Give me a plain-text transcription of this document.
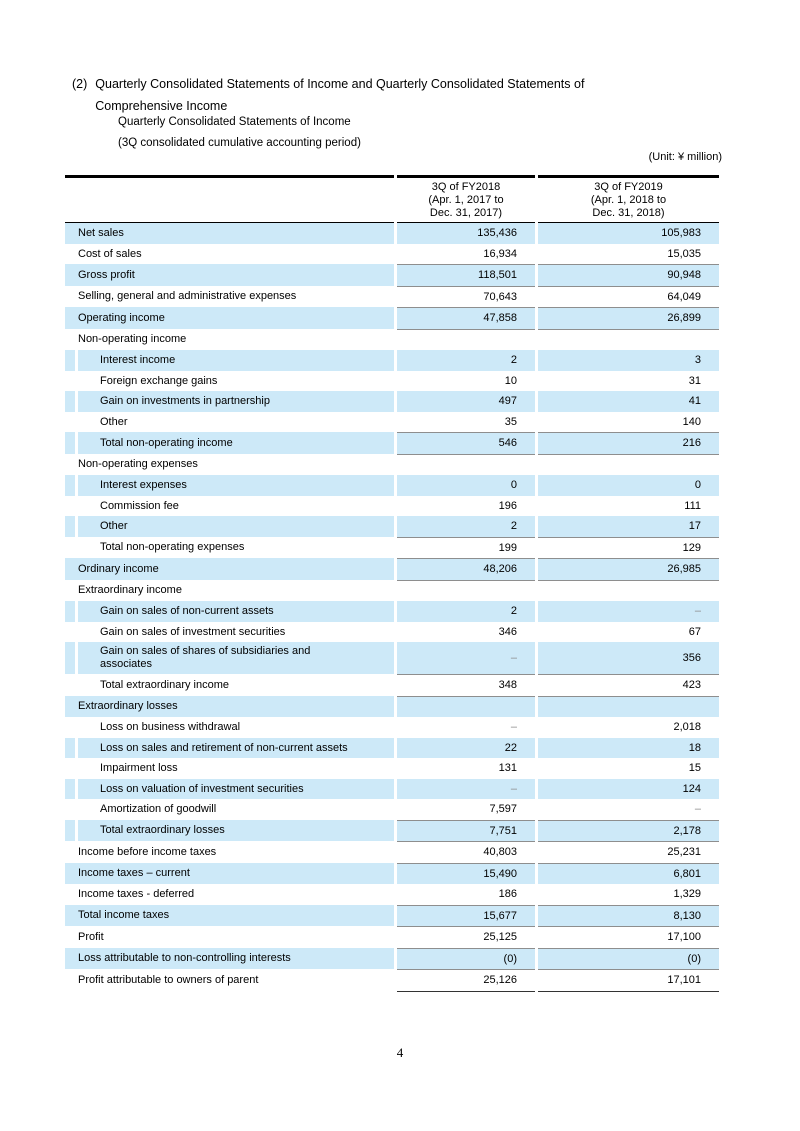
(2) Quarterly Consolidated Statements of Income and Quarterly Consolidated Statements of
Comprehensive Income
Quarterly Consolidated Statements of Income
(3Q consolidated cumulative accounting period)
(Unit: ¥ million)

		3Q of FY2018
(Apr. 1, 2017 to
Dec. 31, 2017)	3Q of FY2019
(Apr. 1, 2018 to
Dec. 31, 2018)

Net sales		135,436	105,983
Cost of sales		16,934	15,035
Gross profit		118,501	90,948
Selling, general and administrative expenses		70,643	64,049
Operating income		47,858	26,899
Non-operating income			
	Interest income	2	3
	Foreign exchange gains	10	31
	Gain on investments in partnership	497	41
	Other	35	140
	Total non-operating income	546	216
Non-operating expenses			
	Interest expenses	0	0
	Commission fee	196	111
	Other	2	17
	Total non-operating expenses	199	129
Ordinary income		48,206	26,985
Extraordinary income			
	Gain on sales of non-current assets	2	–
	Gain on sales of investment securities	346	67
	Gain on sales of shares of subsidiaries and associates	–	356
	Total extraordinary income	348	423
Extraordinary losses			
	Loss on business withdrawal	–	2,018
	Loss on sales and retirement of non-current assets	22	18
	Impairment loss	131	15
	Loss on valuation of investment securities	–	124
	Amortization of goodwill	7,597	–
	Total extraordinary losses	7,751	2,178
Income before income taxes		40,803	25,231
Income taxes – current		15,490	6,801
Income taxes - deferred		186	1,329
Total income taxes		15,677	8,130
Profit		25,125	17,100
Loss attributable to non-controlling interests		(0)	(0)
Profit attributable to owners of parent		25,126	17,101
4
